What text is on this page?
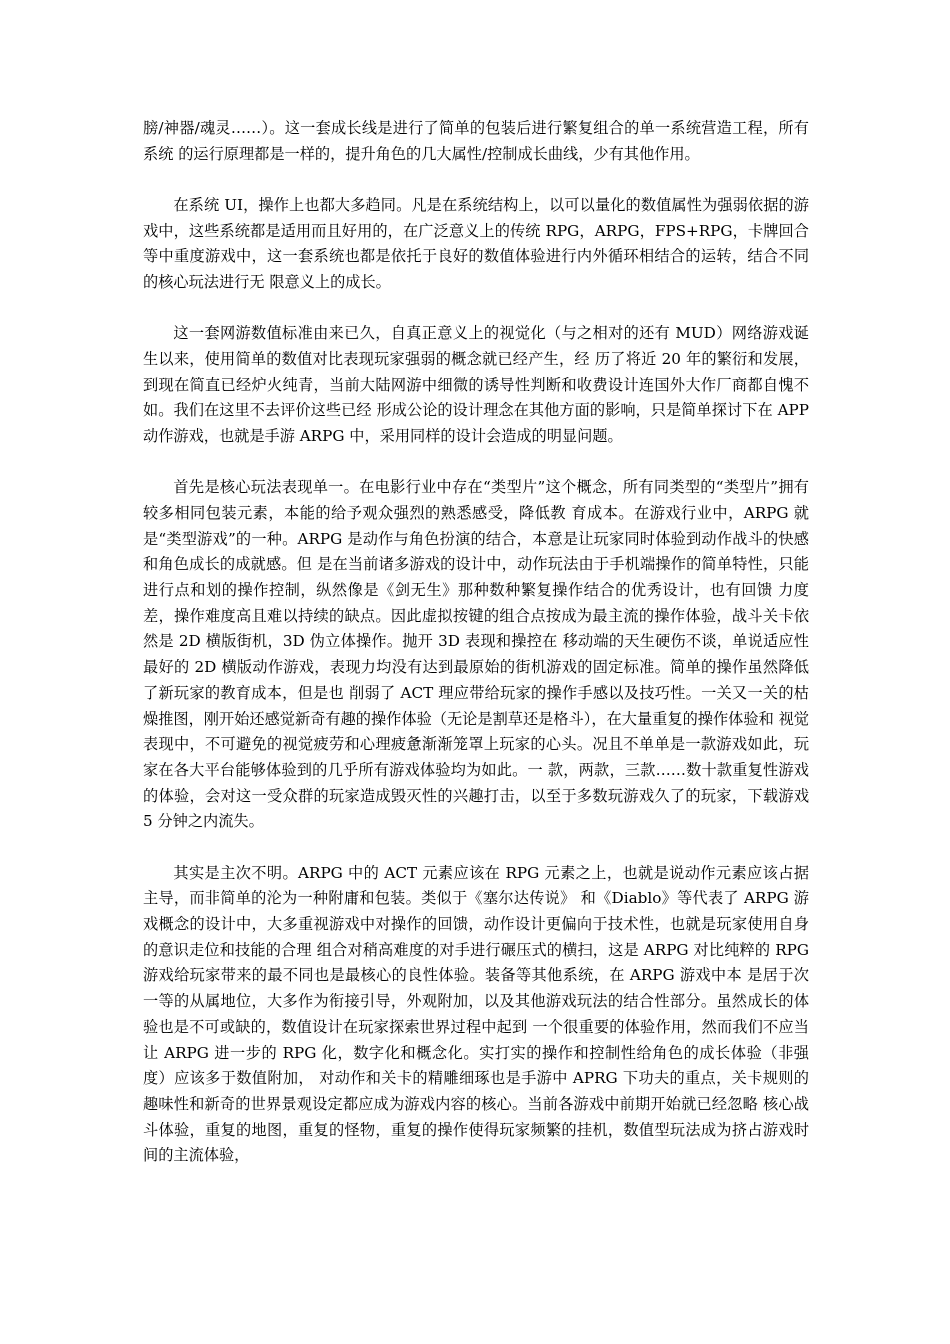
膀/神器/魂灵……）。这一套成长线是进行了简单的包装后进行繁复组合的单一系统营造工程，所有系统 的运行原理都是一样的，提升角色的几大属性/控制成长曲线，少有其他作用。

在系统 UI，操作上也都大多趋同。凡是在系统结构上，以可以量化的数值属性为强弱依据的游戏中，这些系统都是适用而且好用的，在广泛意义上的传统 RPG，ARPG，FPS+RPG，卡牌回合等中重度游戏中，这一套系统也都是依托于良好的数值体验进行内外循环相结合的运转，结合不同的核心玩法进行无 限意义上的成长。

这一套网游数值标准由来已久，自真正意义上的视觉化（与之相对的还有 MUD）网络游戏诞生以来，使用简单的数值对比表现玩家强弱的概念就已经产生，经 历了将近 20 年的繁衍和发展，到现在简直已经炉火纯青，当前大陆网游中细微的诱导性判断和收费设计连国外大作厂商都自愧不如。我们在这里不去评价这些已经 形成公论的设计理念在其他方面的影响，只是简单探讨下在 APP 动作游戏，也就是手游 ARPG 中，采用同样的设计会造成的明显问题。

首先是核心玩法表现单一。在电影行业中存在“类型片”这个概念，所有同类型的“类型片”拥有较多相同包装元素，本能的给予观众强烈的熟悉感受，降低教 育成本。在游戏行业中，ARPG 就是“类型游戏”的一种。ARPG 是动作与角色扮演的结合，本意是让玩家同时体验到动作战斗的快感和角色成长的成就感。但 是在当前诸多游戏的设计中，动作玩法由于手机端操作的简单特性，只能进行点和划的操作控制，纵然像是《剑无生》那种数种繁复操作结合的优秀设计，也有回馈 力度差，操作难度高且难以持续的缺点。因此虚拟按键的组合点按成为最主流的操作体验，战斗关卡依然是 2D 横版街机，3D 伪立体操作。抛开 3D 表现和操控在 移动端的天生硬伤不谈，单说适应性最好的 2D 横版动作游戏，表现力均没有达到最原始的街机游戏的固定标准。简单的操作虽然降低了新玩家的教育成本，但是也 削弱了 ACT 理应带给玩家的操作手感以及技巧性。一关又一关的枯燥推图，刚开始还感觉新奇有趣的操作体验（无论是割草还是格斗），在大量重复的操作体验和 视觉表现中，不可避免的视觉疲劳和心理疲惫渐渐笼罩上玩家的心头。况且不单单是一款游戏如此，玩家在各大平台能够体验到的几乎所有游戏体验均为如此。一 款，两款，三款……数十款重复性游戏的体验，会对这一受众群的玩家造成毁灭性的兴趣打击，以至于多数玩游戏久了的玩家，下载游戏 5 分钟之内流失。

其实是主次不明。ARPG 中的 ACT 元素应该在 RPG 元素之上，也就是说动作元素应该占据主导，而非简单的沦为一种附庸和包装。类似于《塞尔达传说》 和《Diablo》等代表了 ARPG 游戏概念的设计中，大多重视游戏中对操作的回馈，动作设计更偏向于技术性，也就是玩家使用自身的意识走位和技能的合理 组合对稍高难度的对手进行碾压式的横扫，这是 ARPG 对比纯粹的 RPG 游戏给玩家带来的最不同也是最核心的良性体验。装备等其他系统，在 ARPG 游戏中本 是居于次一等的从属地位，大多作为衔接引导，外观附加，以及其他游戏玩法的结合性部分。虽然成长的体验也是不可或缺的，数值设计在玩家探索世界过程中起到 一个很重要的体验作用，然而我们不应当让 ARPG 进一步的 RPG 化，数字化和概念化。实打实的操作和控制性给角色的成长体验（非强度）应该多于数值附加， 对动作和关卡的精雕细琢也是手游中 APRG 下功夫的重点，关卡规则的趣味性和新奇的世界景观设定都应成为游戏内容的核心。当前各游戏中前期开始就已经忽略 核心战斗体验，重复的地图，重复的怪物，重复的操作使得玩家频繁的挂机，数值型玩法成为挤占游戏时间的主流体验，
